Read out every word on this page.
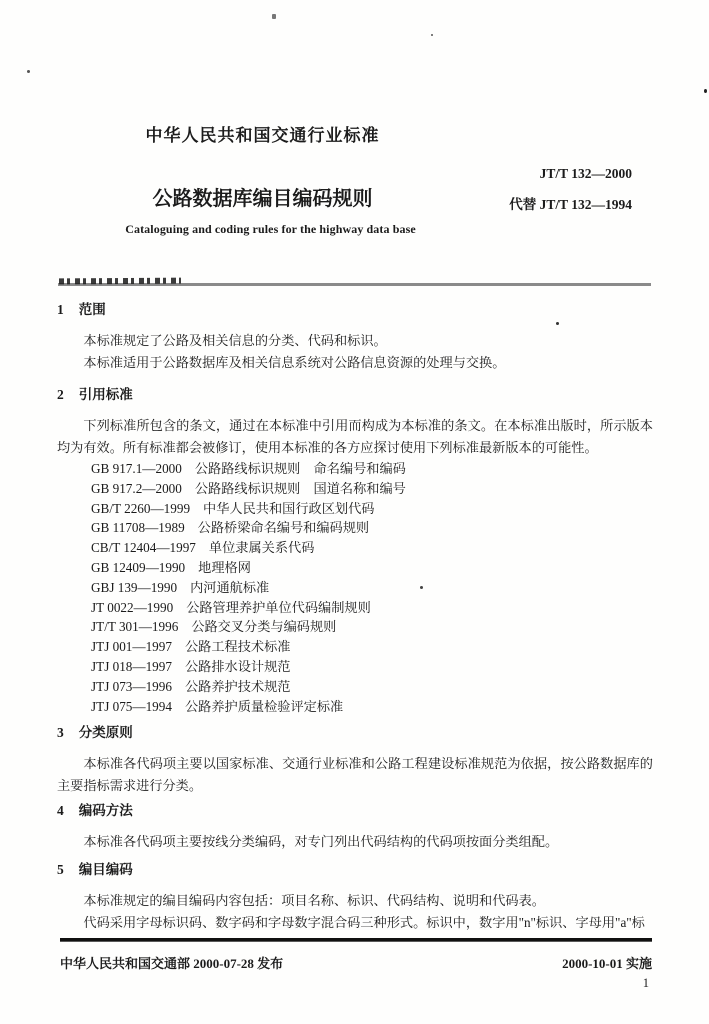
中华人民共和国交通行业标准
JT/T 132—2000
公路数据库编目编码规则	代替 JT/T 132—1994
Cataloguing and coding rules for the highway data base
1 范围

本标准规定了公路及相关信息的分类、代码和标识。

本标准适用于公路数据库及相关信息系统对公路信息资源的处理与交换。

2 引用标准

下列标准所包含的条文，通过在本标准中引用而构成为本标准的条文。在本标准出版时，所示版本均为有效。所有标准都会被修订，使用本标准的各方应探讨使用下列标准最新版本的可能性。

GB 917.1—2000 公路路线标识规则　命名编号和编码
GB 917.2—2000 公路路线标识规则　国道名称和编号
GB/T 2260—1999 中华人民共和国行政区划代码
GB 11708—1989 公路桥梁命名编号和编码规则
CB/T 12404—1997 单位隶属关系代码
GB 12409—1990 地理格网
GBJ 139—1990 内河通航标准
JT 0022—1990 公路管理养护单位代码编制规则
JT/T 301—1996 公路交叉分类与编码规则
JTJ 001—1997 公路工程技术标准
JTJ 018—1997 公路排水设计规范
JTJ 073—1996 公路养护技术规范
JTJ 075—1994 公路养护质量检验评定标准
3 分类原则

本标准各代码项主要以国家标准、交通行业标准和公路工程建设标准规范为依据，按公路数据库的主要指标需求进行分类。

4 编码方法

本标准各代码项主要按线分类编码，对专门列出代码结构的代码项按面分类组配。

5 编目编码

本标准规定的编目编码内容包括：项目名称、标识、代码结构、说明和代码表。

代码采用字母标识码、数字码和字母数字混合码三种形式。标识中，数字用"n"标识、字母用"a"标

中华人民共和国交通部 2000-07-28 发布	2000-10-01 实施
1
